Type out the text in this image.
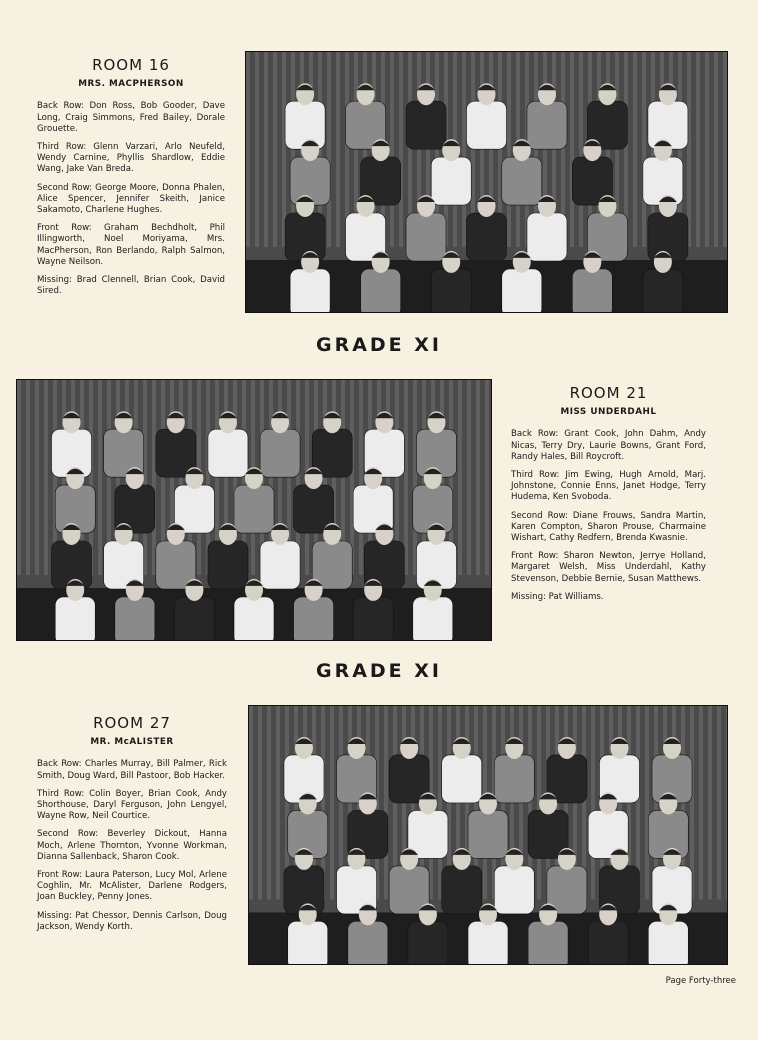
ROOM 16
MRS. MACPHERSON

Back Row: Don Ross, Bob Gooder, Dave Long, Craig Simmons, Fred Bailey, Dorale Grouette.

Third Row: Glenn Varzari, Arlo Neufeld, Wendy Carnine, Phyllis Shardlow, Eddie Wang, Jake Van Breda.

Second Row: George Moore, Donna Phalen, Alice Spencer, Jennifer Skeith, Janice Sakamoto, Charlene Hughes.

Front Row: Graham Bechdholt, Phil Illingworth, Noel Moriyama, Mrs. MacPherson, Ron Berlando, Ralph Salmon, Wayne Neilson.

Missing: Brad Clennell, Brian Cook, David Sired.

GRADE XI
ROOM 21
MISS UNDERDAHL

Back Row: Grant Cook, John Dahm, Andy Nicas, Terry Dry, Laurie Bowns, Grant Ford, Randy Hales, Bill Roycroft.

Third Row: Jim Ewing, Hugh Arnold, Marj. Johnstone, Connie Enns, Janet Hodge, Terry Hudema, Ken Svoboda.

Second Row: Diane Frouws, Sandra Martin, Karen Compton, Sharon Prouse, Charmaine Wishart, Cathy Redfern, Brenda Kwasnie.

Front Row: Sharon Newton, Jerrye Holland, Margaret Welsh, Miss Underdahl, Kathy Stevenson, Debbie Bernie, Susan Matthews.

Missing: Pat Williams.

GRADE XI
ROOM 27
MR. McALISTER

Back Row: Charles Murray, Bill Palmer, Rick Smith, Doug Ward, Bill Pastoor, Bob Hacker.

Third Row: Colin Boyer, Brian Cook, Andy Shorthouse, Daryl Ferguson, John Lengyel, Wayne Row, Neil Courtice.

Second Row: Beverley Dickout, Hanna Moch, Arlene Thornton, Yvonne Workman, Dianna Sallenback, Sharon Cook.

Front Row: Laura Paterson, Lucy Mol, Arlene Coghlin, Mr. McAlister, Darlene Rodgers, Joan Buckley, Penny Jones.

Missing: Pat Chessor, Dennis Carlson, Doug Jackson, Wendy Korth.

Page Forty-three
